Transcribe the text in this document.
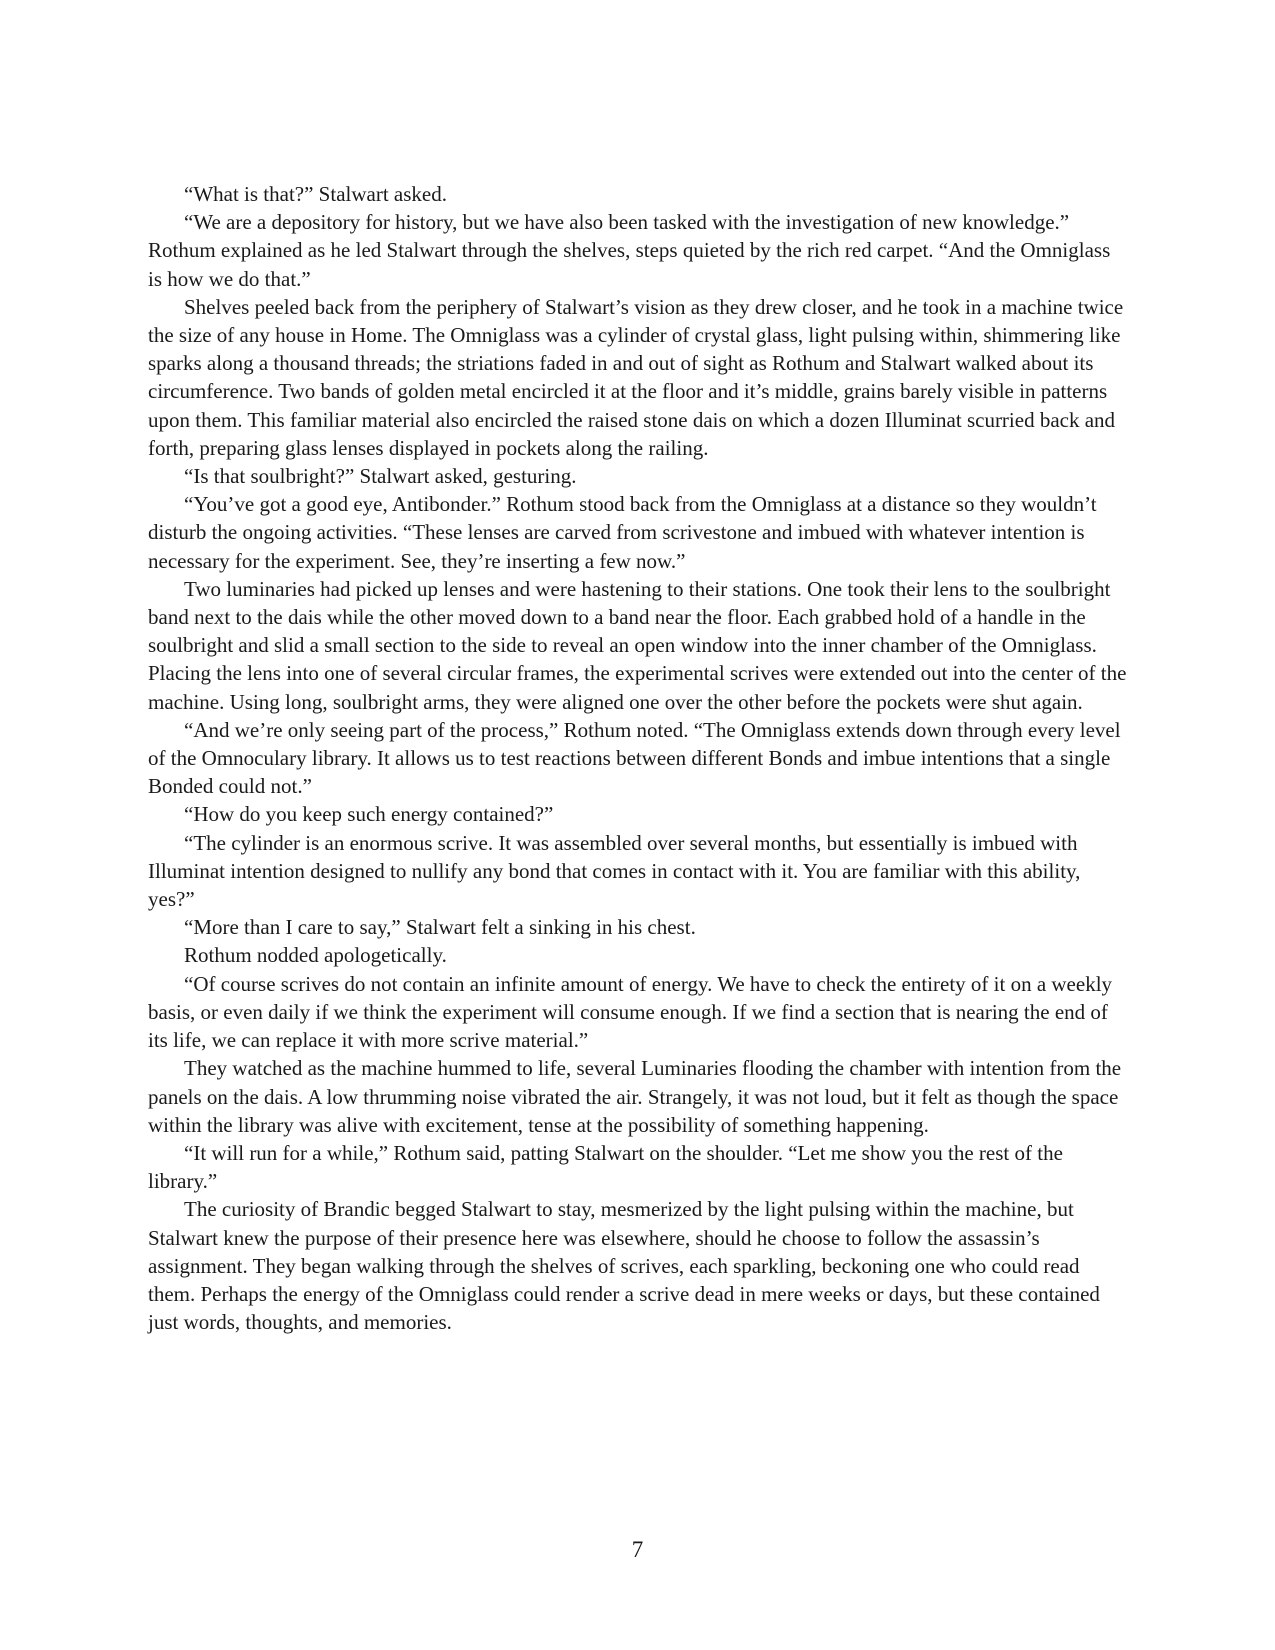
“What is that?” Stalwart asked.

“We are a depository for history, but we have also been tasked with the investigation of new knowledge.” Rothum explained as he led Stalwart through the shelves, steps quieted by the rich red carpet. “And the Omniglass is how we do that.”

Shelves peeled back from the periphery of Stalwart’s vision as they drew closer, and he took in a machine twice the size of any house in Home. The Omniglass was a cylinder of crystal glass, light pulsing within, shimmering like sparks along a thousand threads; the striations faded in and out of sight as Rothum and Stalwart walked about its circumference. Two bands of golden metal encircled it at the floor and it’s middle, grains barely visible in patterns upon them. This familiar material also encircled the raised stone dais on which a dozen Illuminat scurried back and forth, preparing glass lenses displayed in pockets along the railing.

“Is that soulbright?” Stalwart asked, gesturing.

“You’ve got a good eye, Antibonder.” Rothum stood back from the Omniglass at a distance so they wouldn’t disturb the ongoing activities. “These lenses are carved from scrivestone and imbued with whatever intention is necessary for the experiment. See, they’re inserting a few now.”

Two luminaries had picked up lenses and were hastening to their stations. One took their lens to the soulbright band next to the dais while the other moved down to a band near the floor. Each grabbed hold of a handle in the soulbright and slid a small section to the side to reveal an open window into the inner chamber of the Omniglass. Placing the lens into one of several circular frames, the experimental scrives were extended out into the center of the machine. Using long, soulbright arms, they were aligned one over the other before the pockets were shut again.

“And we’re only seeing part of the process,” Rothum noted. “The Omniglass extends down through every level of the Omnoculary library. It allows us to test reactions between different Bonds and imbue intentions that a single Bonded could not.”

“How do you keep such energy contained?”

“The cylinder is an enormous scrive. It was assembled over several months, but essentially is imbued with Illuminat intention designed to nullify any bond that comes in contact with it. You are familiar with this ability, yes?”

“More than I care to say,” Stalwart felt a sinking in his chest.

Rothum nodded apologetically.

“Of course scrives do not contain an infinite amount of energy. We have to check the entirety of it on a weekly basis, or even daily if we think the experiment will consume enough. If we find a section that is nearing the end of its life, we can replace it with more scrive material.”

They watched as the machine hummed to life, several Luminaries flooding the chamber with intention from the panels on the dais. A low thrumming noise vibrated the air. Strangely, it was not loud, but it felt as though the space within the library was alive with excitement, tense at the possibility of something happening.

“It will run for a while,” Rothum said, patting Stalwart on the shoulder. “Let me show you the rest of the library.”

The curiosity of Brandic begged Stalwart to stay, mesmerized by the light pulsing within the machine, but Stalwart knew the purpose of their presence here was elsewhere, should he choose to follow the assassin’s assignment. They began walking through the shelves of scrives, each sparkling, beckoning one who could read them. Perhaps the energy of the Omniglass could render a scrive dead in mere weeks or days, but these contained just words, thoughts, and memories.

7
